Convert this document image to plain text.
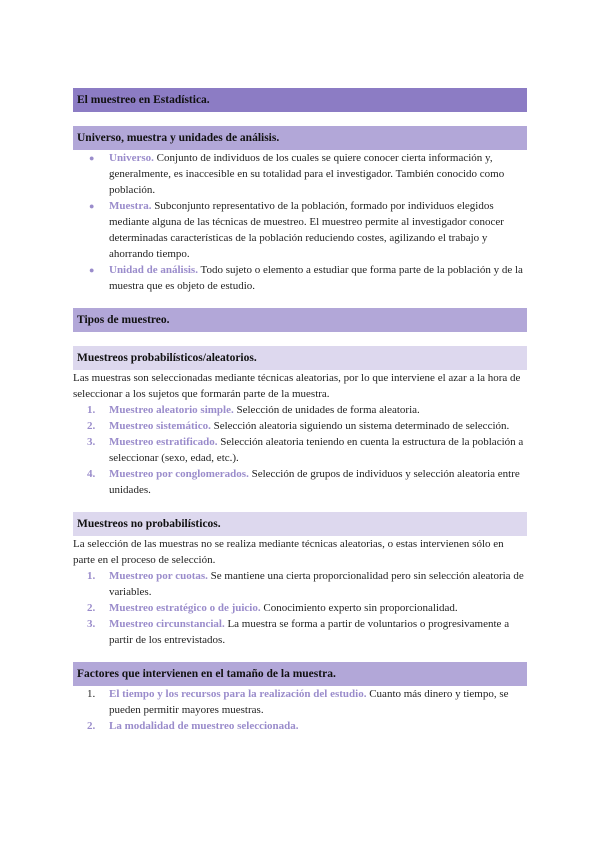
El muestreo en Estadística.
Universo, muestra y unidades de análisis.
● Universo. Conjunto de individuos de los cuales se quiere conocer cierta información y, generalmente, es inaccesible en su totalidad para el investigador. También conocido como población.
● Muestra. Subconjunto representativo de la población, formado por individuos elegidos mediante alguna de las técnicas de muestreo. El muestreo permite al investigador conocer determinadas características de la población reduciendo costes, agilizando el trabajo y ahorrando tiempo.
● Unidad de análisis. Todo sujeto o elemento a estudiar que forma parte de la población y de la muestra que es objeto de estudio.
Tipos de muestreo.
Muestreos probabilísticos/aleatorios.

Las muestras son seleccionadas mediante técnicas aleatorias, por lo que interviene el azar a la hora de seleccionar a los sujetos que formarán parte de la muestra.

1. Muestreo aleatorio simple. Selección de unidades de forma aleatoria.
2. Muestreo sistemático. Selección aleatoria siguiendo un sistema determinado de selección.
3. Muestreo estratificado. Selección aleatoria teniendo en cuenta la estructura de la población a seleccionar (sexo, edad, etc.).
4. Muestreo por conglomerados. Selección de grupos de individuos y selección aleatoria entre unidades.
Muestreos no probabilísticos.

La selección de las muestras no se realiza mediante técnicas aleatorias, o estas intervienen sólo en parte en el proceso de selección.

1. Muestreo por cuotas. Se mantiene una cierta proporcionalidad pero sin selección aleatoria de variables.
2. Muestreo estratégico o de juicio. Conocimiento experto sin proporcionalidad.
3. Muestreo circunstancial. La muestra se forma a partir de voluntarios o progresivamente a partir de los entrevistados.
Factores que intervienen en el tamaño de la muestra.
1. El tiempo y los recursos para la realización del estudio. Cuanto más dinero y tiempo, se pueden permitir mayores muestras.
2. La modalidad de muestreo seleccionada.
